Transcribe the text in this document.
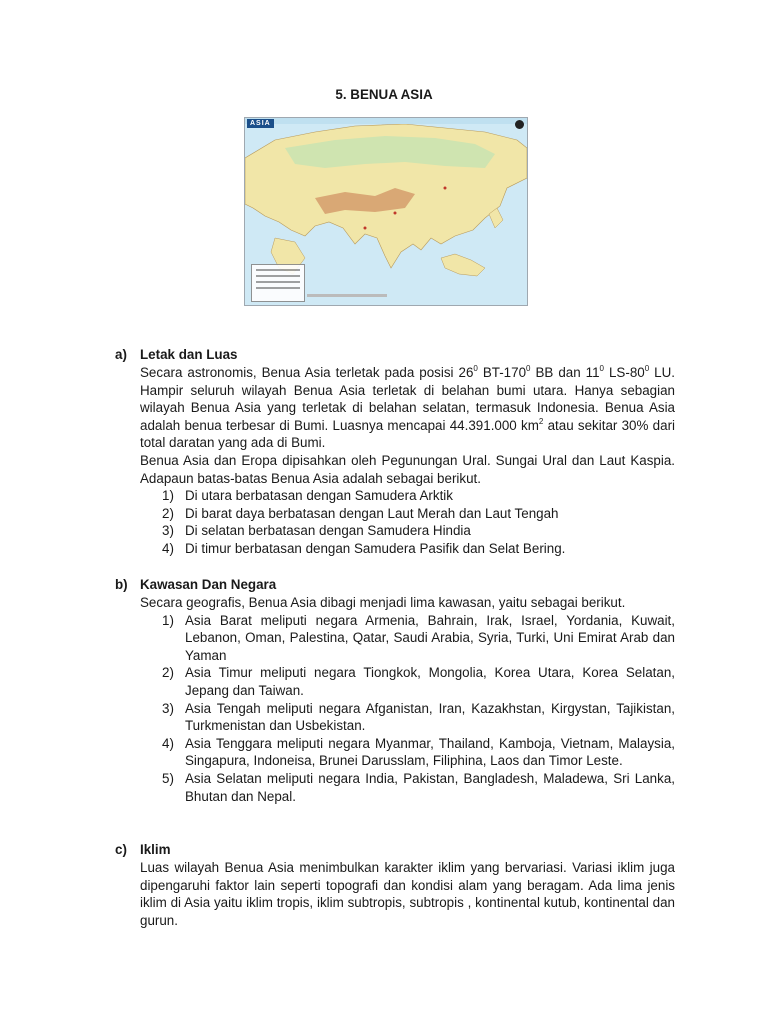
5. BENUA ASIA
ASIA
a) Letak dan Luas
Secara astronomis, Benua Asia terletak pada posisi $26^0$ $BT-170^0$ BB dan $11^0$ $LS-80^0$ LU. Hampir seluruh wilayah Benua Asia terletak di belahan bumi utara. Hanya sebagian wilayah Benua Asia yang terletak di belahan selatan, termasuk Indonesia. Benua Asia adalah benua terbesar di Bumi. Luasnya mencapai 44.391.000 $km^2$ atau sekitar 30% dari total daratan yang ada di Bumi.
Benua Asia dan Eropa dipisahkan oleh Pegunungan Ural. Sungai Ural dan Laut Kaspia. Adapaun batas-batas Benua Asia adalah sebagai berikut.
1) Di utara berbatasan dengan Samudera Arktik
2) Di barat daya berbatasan dengan Laut Merah dan Laut Tengah
3) Di selatan berbatasan dengan Samudera Hindia
4) Di timur berbatasan dengan Samudera Pasifik dan Selat Bering.
b) Kawasan Dan Negara
Secara geografis, Benua Asia dibagi menjadi lima kawasan, yaitu sebagai berikut.
1) Asia Barat meliputi negara Armenia, Bahrain, Irak, Israel, Yordania, Kuwait, Lebanon, Oman, Palestina, Qatar, Saudi Arabia, Syria, Turki, Uni Emirat Arab dan Yaman
2) Asia Timur meliputi negara Tiongkok, Mongolia, Korea Utara, Korea Selatan, Jepang dan Taiwan.
3) Asia Tengah meliputi negara Afganistan, Iran, Kazakhstan, Kirgystan, Tajikistan, Turkmenistan dan Usbekistan.
4) Asia Tenggara meliputi negara Myanmar, Thailand, Kamboja, Vietnam, Malaysia, Singapura, Indoneisa, Brunei Darusslam, Filiphina, Laos dan Timor Leste.
5) Asia Selatan meliputi negara India, Pakistan, Bangladesh, Maladewa, Sri Lanka, Bhutan dan Nepal.
c) Iklim
Luas wilayah Benua Asia menimbulkan karakter iklim yang bervariasi. Variasi iklim juga dipengaruhi faktor lain seperti topografi dan kondisi alam yang beragam. Ada lima jenis iklim di Asia yaitu iklim tropis, iklim subtropis, subtropis , kontinental kutub, kontinental dan gurun.
